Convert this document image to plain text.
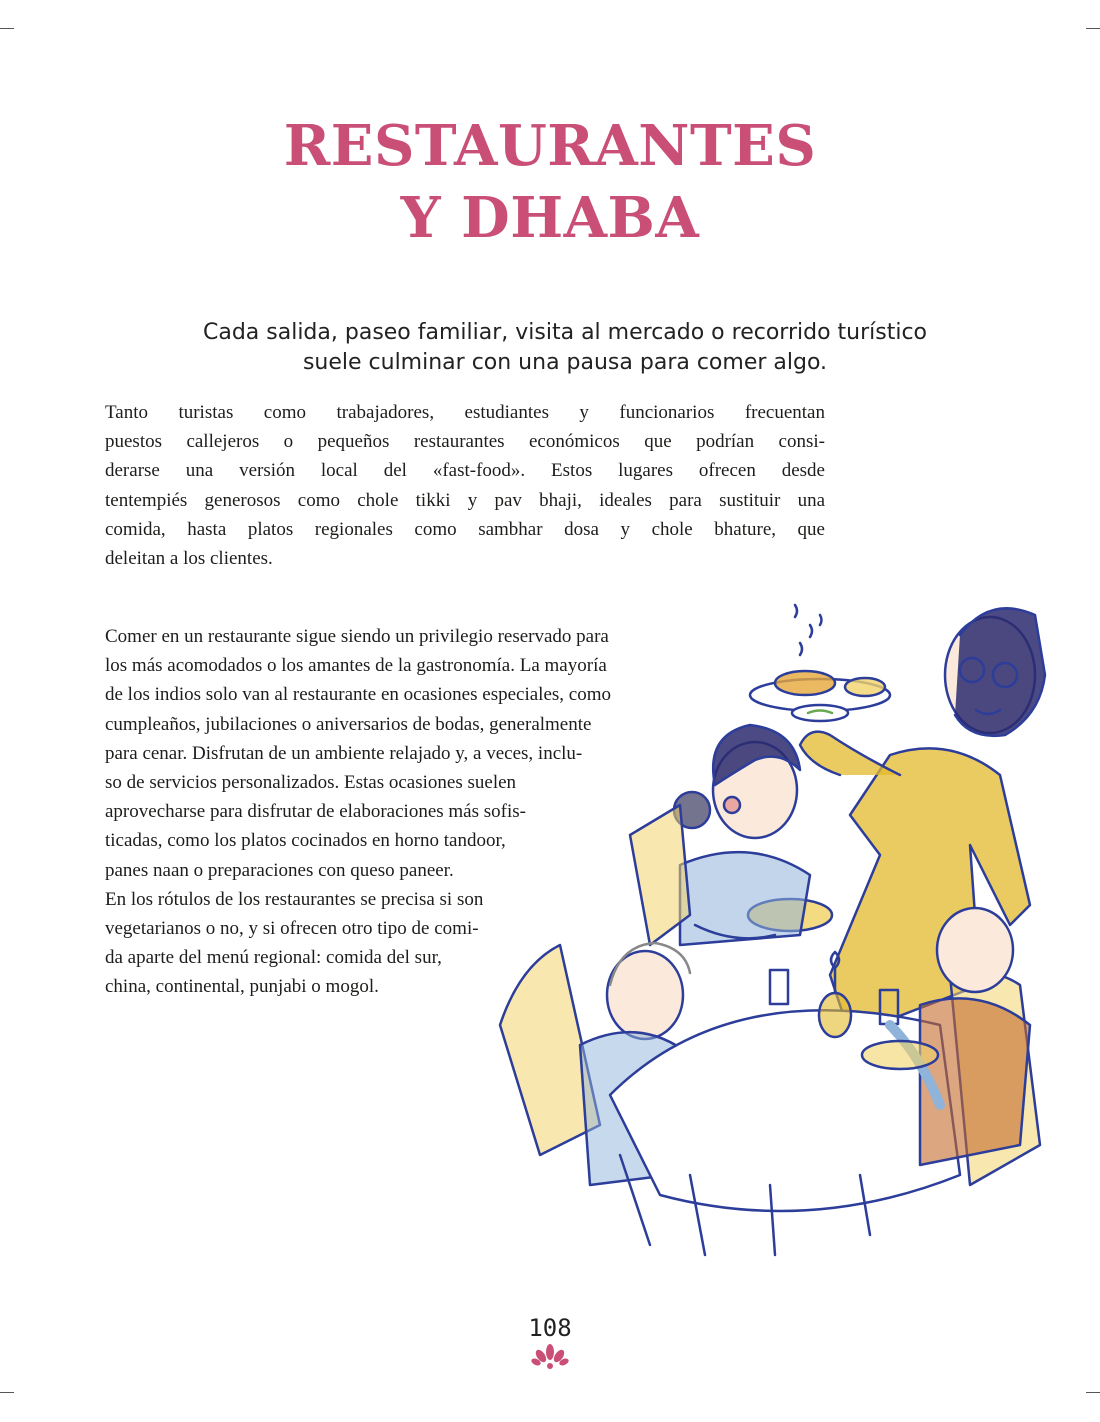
RESTAURANTES
Y DHABA

Cada salida, paseo familiar, visita al mercado o recorrido turístico
suele culminar con una pausa para comer algo.

Tanto turistas como trabajadores, estudiantes y funcionarios frecuentan
puestos callejeros o pequeños restaurantes económicos que podrían consi-
derarse una versión local del «fast-food». Estos lugares ofrecen desde
tentempiés generosos como chole tikki y pav bhaji, ideales para sustituir una
comida, hasta platos regionales como sambhar dosa y chole bhature, que
deleitan a los clientes.

Comer en un restaurante sigue siendo un privilegio reservado para
los más acomodados o los amantes de la gastronomía. La mayoría
de los indios solo van al restaurante en ocasiones especiales, como
cumpleaños, jubilaciones o aniversarios de bodas, generalmente
para cenar. Disfrutan de un ambiente relajado y, a veces, inclu-
so de servicios personalizados. Estas ocasiones suelen
aprovecharse para disfrutar de elaboraciones más sofis-
ticadas, como los platos cocinados en horno tandoor,
panes naan o preparaciones con queso paneer.
En los rótulos de los restaurantes se precisa si son
vegetarianos o no, y si ofrecen otro tipo de comi-
da aparte del menú regional: comida del sur,
china, continental, punjabi o mogol.

108
